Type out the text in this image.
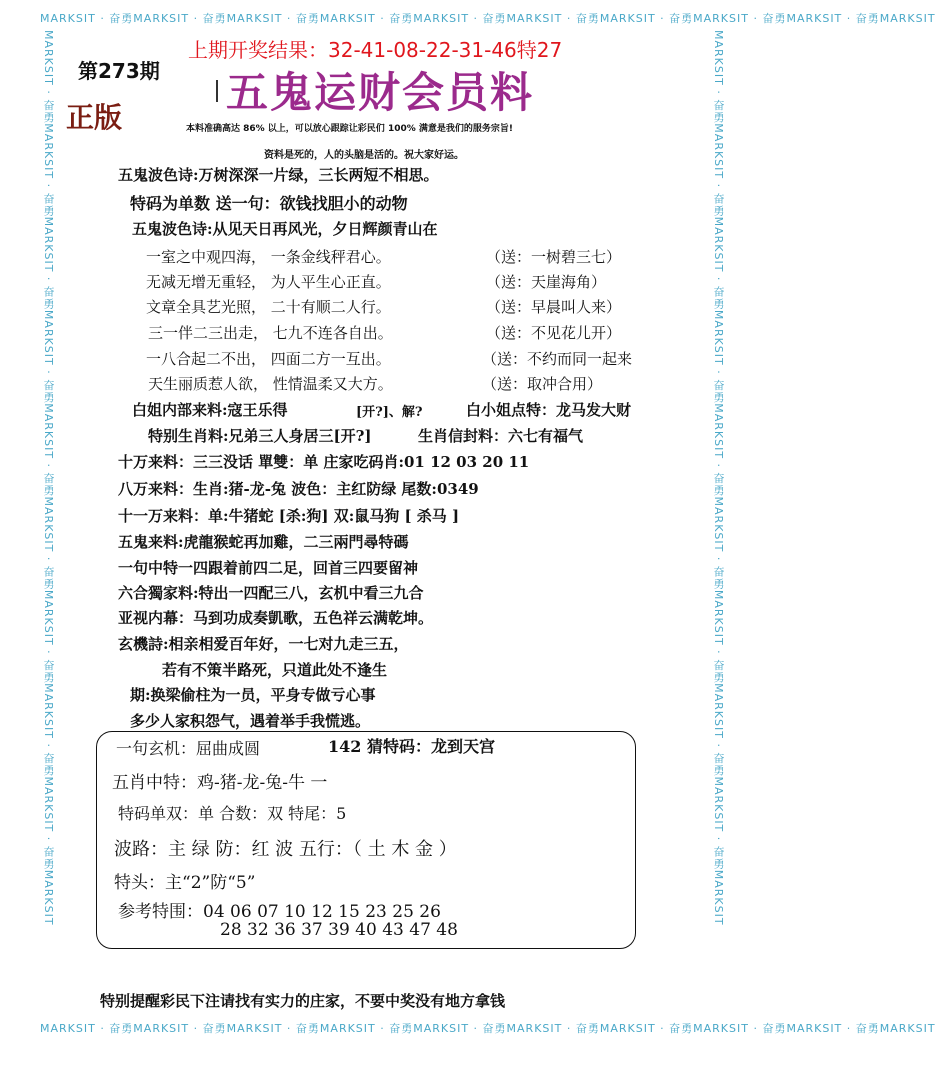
MARKSIT · 奋勇MARKSIT · 奋勇MARKSIT · 奋勇MARKSIT · 奋勇MARKSIT · 奋勇MARKSIT · 奋勇MARKSIT · 奋勇MARKSIT · 奋勇MARKSIT · 奋勇MARKSIT
MARKSIT · 奋勇MARKSIT · 奋勇MARKSIT · 奋勇MARKSIT · 奋勇MARKSIT · 奋勇MARKSIT · 奋勇MARKSIT · 奋勇MARKSIT · 奋勇MARKSIT · 奋勇MARKSIT
MARKSIT · 奋勇MARKSIT · 奋勇MARKSIT · 奋勇MARKSIT · 奋勇MARKSIT · 奋勇MARKSIT · 奋勇MARKSIT · 奋勇MARKSIT · 奋勇MARKSIT · 奋勇MARKSIT	MARKSIT · 奋勇MARKSIT · 奋勇MARKSIT · 奋勇MARKSIT · 奋勇MARKSIT · 奋勇MARKSIT · 奋勇MARKSIT · 奋勇MARKSIT · 奋勇MARKSIT · 奋勇MARKSIT
上期开奖结果：32-41-08-22-31-46特27
第273期
正版
五鬼运财会员料
本料准确高达 86% 以上，可以放心跟踪让彩民们 100% 满意是我们的服务宗旨!
资料是死的，人的头脑是活的。祝大家好运。
五鬼波色诗:万树深深一片绿，三长两短不相思。
特码为单数 送一句：欲钱找胆小的动物
五鬼波色诗:从见天日再风光，夕日辉颜青山在
一室之中观四海， 一条金线秤君心。	（送：一树碧三七）
无减无增无重轻， 为人平生心正直。	（送：天崖海角）
文章全具艺光照， 二十有顺二人行。	（送：早晨叫人来）
三一伴二三出走， 七九不连各自出。	（送：不见花儿开）
一八合起二不出， 四面二方一互出。	（送：不约而同一起来
天生丽质惹人欲， 性情温柔又大方。	（送：取冲合用）
白姐内部来料:寇王乐得	[开?]、解?	白小姐点特：龙马发大财
特别生肖料:兄弟三人身居三[开?]	生肖信封料：六七有福气
十万来料：三三没话 單雙：单 庄家吃码肖:01 12 03 20 11
八万来料：生肖:猪-龙-兔 波色：主红防绿 尾数:0349
十一万来料：单:牛猪蛇 [杀:狗] 双:鼠马狗 [ 杀马 ]
五鬼来料:虎龍猴蛇再加雞，二三兩門尋特碼
一句中特一四跟着前四二足，回首三四要留神
六合獨家料:特出一四配三八，玄机中看三九合
亚视内幕：马到功成奏凱歌，五色祥云满乾坤。
玄機詩:相亲相爱百年好，一七对九走三五，
若有不策半路死，只道此处不逢生
期:换梁偷柱为一员，平身专做亏心事
多少人家积怨气，遇着举手我慌逃。
一句玄机：屈曲成圆	142 猜特码：龙到天宫
五肖中特：鸡-猪-龙-兔-牛 一
特码单双：单 合数：双 特尾：5
波路：主 绿 防：红 波 五行：（ 土 木 金 ）
特头：主“2”防“5”
参考特围：04 06 07 10 12 15 23 25 26
28 32 36 37 39 40 43 47 48
特别提醒彩民下注请找有实力的庄家，不要中奖没有地方拿钱
